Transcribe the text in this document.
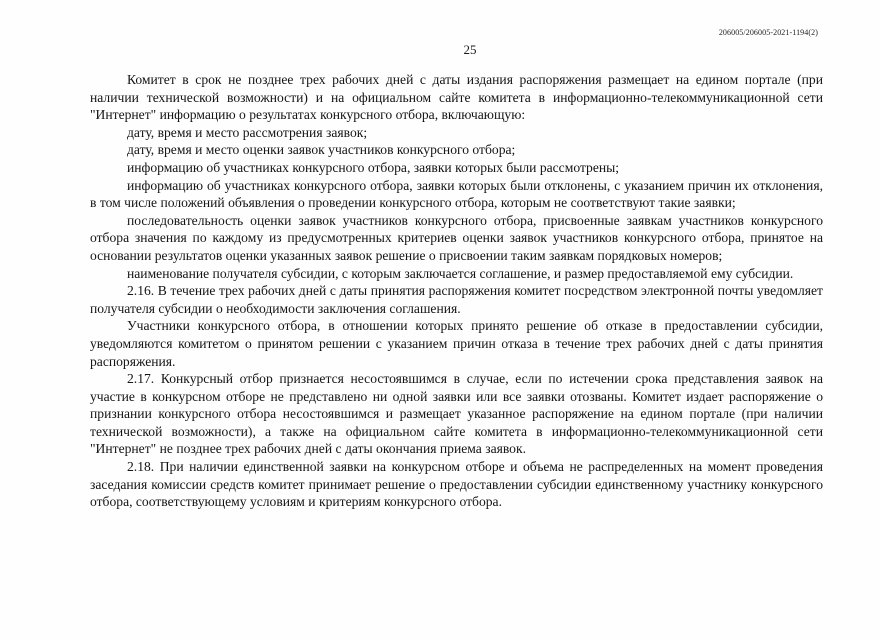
206005/206005-2021-1194(2)
25

Комитет в срок не позднее трех рабочих дней с даты издания распоряжения размещает на едином портале (при наличии технической возможности) и на официальном сайте комитета в информационно-телекоммуникационной сети "Интернет" информацию о результатах конкурсного отбора, включающую:

дату, время и место рассмотрения заявок;

дату, время и место оценки заявок участников конкурсного отбора;

информацию об участниках конкурсного отбора, заявки которых были рассмотрены;

информацию об участниках конкурсного отбора, заявки которых были отклонены, с указанием причин их отклонения, в том числе положений объявления о проведении конкурсного отбора, которым не соответствуют такие заявки;

последовательность оценки заявок участников конкурсного отбора, присвоенные заявкам участников конкурсного отбора значения по каждому из предусмотренных критериев оценки заявок участников конкурсного отбора, принятое на основании результатов оценки указанных заявок решение о присвоении таким заявкам порядковых номеров;

наименование получателя субсидии, с которым заключается соглашение, и размер предоставляемой ему субсидии.

2.16. В течение трех рабочих дней с даты принятия распоряжения комитет посредством электронной почты уведомляет получателя субсидии о необходимости заключения соглашения.

Участники конкурсного отбора, в отношении которых принято решение об отказе в предоставлении субсидии, уведомляются комитетом о принятом решении с указанием причин отказа в течение трех рабочих дней с даты принятия распоряжения.

2.17. Конкурсный отбор признается несостоявшимся в случае, если по истечении срока представления заявок на участие в конкурсном отборе не представлено ни одной заявки или все заявки отозваны. Комитет издает распоряжение о признании конкурсного отбора несостоявшимся и размещает указанное распоряжение на едином портале (при наличии технической возможности), а также на официальном сайте комитета в информационно-телекоммуникационной сети "Интернет" не позднее трех рабочих дней с даты окончания приема заявок.

2.18. При наличии единственной заявки на конкурсном отборе и объема не распределенных на момент проведения заседания комиссии средств комитет принимает решение о предоставлении субсидии единственному участнику конкурсного отбора, соответствующему условиям и критериям конкурсного отбора.
